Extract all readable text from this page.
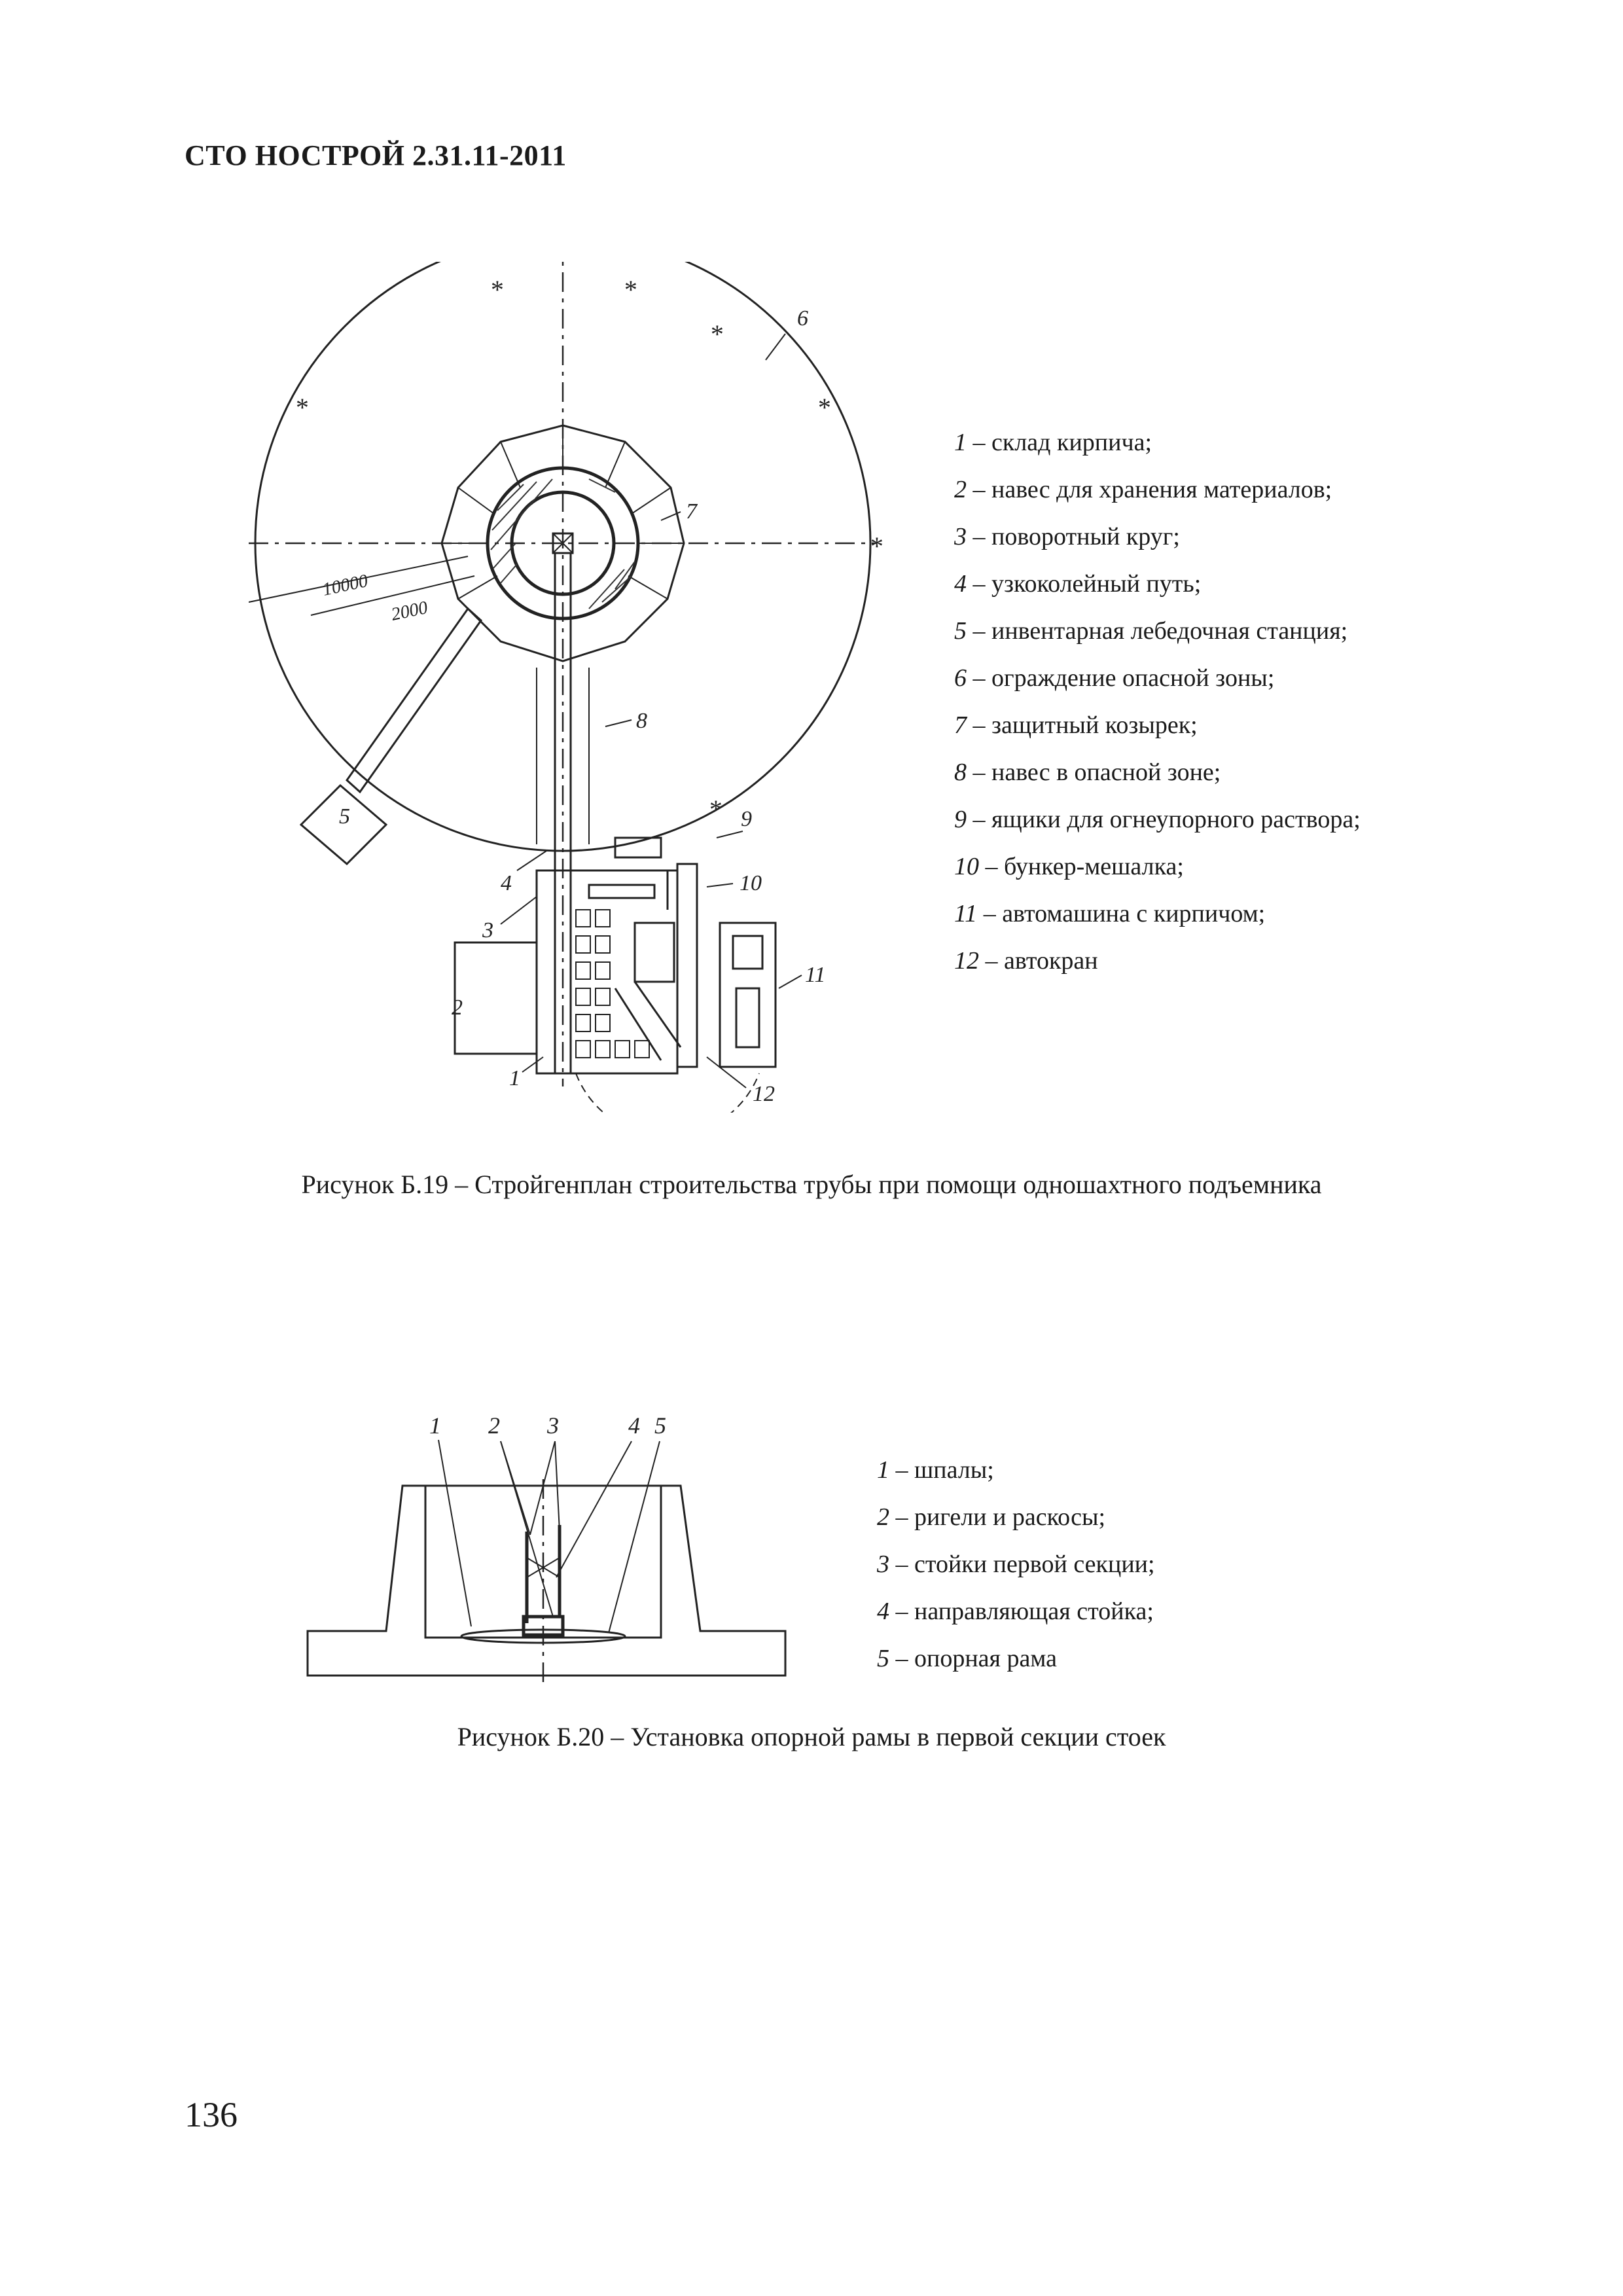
СТО НОСТРОЙ 2.31.11-2011
*	*
*
*
*
*
*
10000
2000
6
7
8
9
10
11
12
5
4
3
2
1
1 – склад кирпича;
2 – навес для хранения материалов;
3 – поворотный круг;
4 – узкоколейный путь;
5 – инвентарная лебедочная станция;
6 – ограждение опасной зоны;
7 – защитный козырек;
8 – навес в опасной зоне;
9 – ящики для огнеупорного раствора;
10 – бункер-мешалка;
11 – автомашина с кирпичом;
12 – автокран
Рисунок Б.19 – Стройгенплан строительства трубы при помощи одношахтного подъемника
1 2 3	4 5
1 – шпалы;
2 – ригели и раскосы;
3 – стойки первой секции;
4 – направляющая стойка;
5 – опорная рама
Рисунок Б.20 – Установка опорной рамы в первой секции стоек
136
